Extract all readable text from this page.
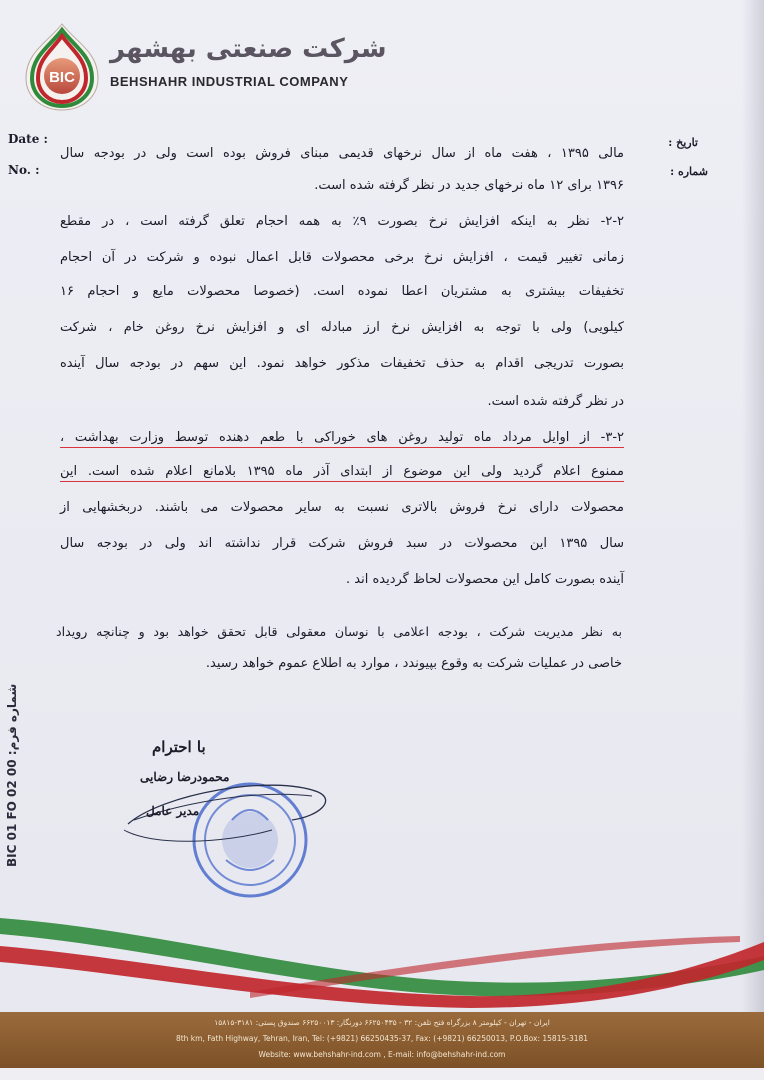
BIC
شرکت صنعتی بهشهر
BEHSHAHR INDUSTRIAL COMPANY
Date :
No. :
تاریخ :
شماره :
مالی ۱۳۹۵ ، هفت ماه از سال نرخهای قدیمی مبنای فروش بوده است ولی در بودجه سال
۱۳۹۶ برای ۱۲ ماه نرخهای جدید در نظر گرفته شده است.
۲-۲- نظر به اینکه افزایش نرخ بصورت ۹٪ به همه احجام تعلق گرفته است ، در مقطع
زمانی تغییر قیمت ، افزایش نرخ برخی محصولات قابل اعمال نبوده و شرکت در آن احجام
تخفیفات بیشتری به مشتریان اعطا نموده است. (خصوصا محصولات مایع و احجام ۱۶
کیلویی) ولی با توجه به افزایش نرخ ارز مبادله ای و افزایش نرخ روغن خام ، شرکت
بصورت تدریجی اقدام به حذف تخفیفات مذکور خواهد نمود. این سهم در بودجه سال آینده
در نظر گرفته شده است.
۳-۲- از اوایل مرداد ماه تولید روغن های خوراکی با طعم دهنده توسط وزارت بهداشت ،
ممنوع اعلام گردید ولی این موضوع از ابتدای آذر ماه ۱۳۹۵ بلامانع اعلام شده است. این
محصولات دارای نرخ فروش بالاتری نسبت به سایر محصولات می باشند. دربخشهایی از
سال ۱۳۹۵ این محصولات در سبد فروش شرکت قرار نداشته اند ولی در بودجه سال
آینده بصورت کامل این محصولات لحاظ گردیده اند .
به نظر مدیریت شرکت ، بودجه اعلامی با نوسان معقولی قابل تحقق خواهد بود و چنانچه رویداد
خاصی در عملیات شرکت به وقوع بپیوندد ، موارد به اطلاع عموم خواهد رسید.
با احترام
محمودرضا رضایی
مدیر عامل
BIC 01 FO 02 00 :شماره فرم
ایران - تهران - کیلومتر ۸ بزرگراه فتح تلفن: ۳۲ - ۶۶۲۵۰۴۳۵ دورنگار: ۶۶۲۵۰۰۱۳ صندوق پستی: ۳۱۸۱-۱۵۸۱۵
8th km, Fath Highway, Tehran, Iran, Tel: (+9821) 66250435-37, Fax: (+9821) 66250013, P.O.Box: 15815-3181
Website: www.behshahr-ind.com , E-mail: info@behshahr-ind.com
